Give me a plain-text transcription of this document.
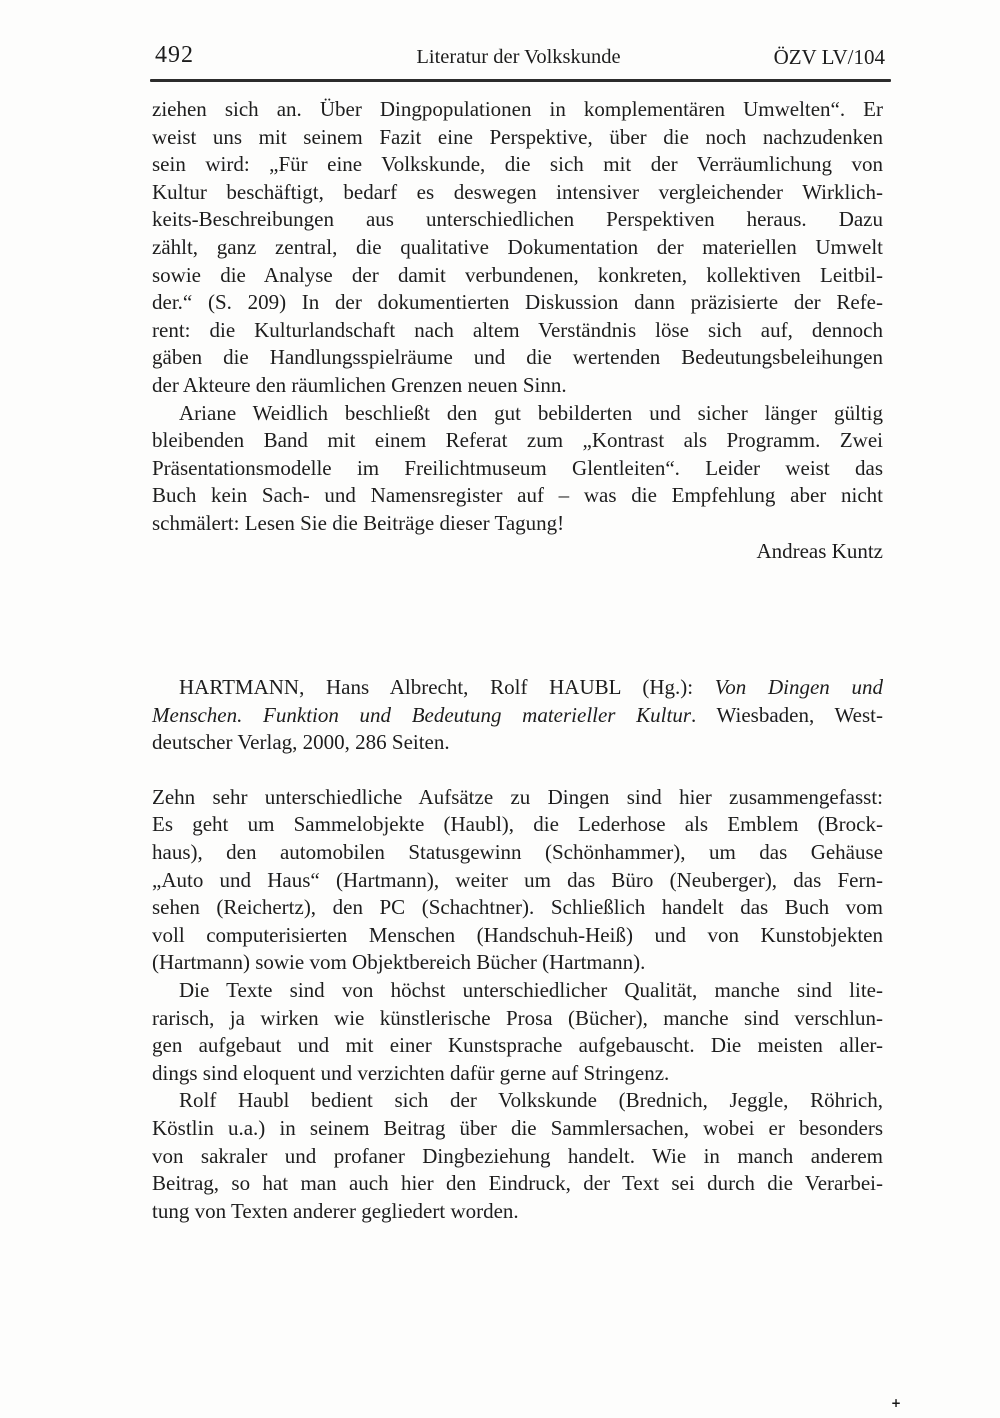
492	Literatur der Volkskunde	ÖZV LV/104
ziehen sich an. Über Dingpopulationen in komplementären Umwelten“. Er
weist uns mit seinem Fazit eine Perspektive, über die noch nachzudenken
sein wird: „Für eine Volkskunde, die sich mit der Verräumlichung von
Kultur beschäftigt, bedarf es deswegen intensiver vergleichender Wirklich-
keits-Beschreibungen aus unterschiedlichen Perspektiven heraus. Dazu
zählt, ganz zentral, die qualitative Dokumentation der materiellen Umwelt
sowie die Analyse der damit verbundenen, konkreten, kollektiven Leitbil-
der.“ (S. 209) In der dokumentierten Diskussion dann präzisierte der Refe-
rent: die Kulturlandschaft nach altem Verständnis löse sich auf, dennoch
gäben die Handlungsspielräume und die wertenden Bedeutungsbeleihungen
der Akteure den räumlichen Grenzen neuen Sinn.
Ariane Weidlich beschließt den gut bebilderten und sicher länger gültig
bleibenden Band mit einem Referat zum „Kontrast als Programm. Zwei
Präsentationsmodelle im Freilichtmuseum Glentleiten“. Leider weist das
Buch kein Sach- und Namensregister auf – was die Empfehlung aber nicht
schmälert: Lesen Sie die Beiträge dieser Tagung!
Andreas Kuntz
HARTMANN, Hans Albrecht, Rolf HAUBL (Hg.): Von Dingen und
Menschen. Funktion und Bedeutung materieller Kultur. Wiesbaden, West-
deutscher Verlag, 2000, 286 Seiten.
Zehn sehr unterschiedliche Aufsätze zu Dingen sind hier zusammengefasst:
Es geht um Sammelobjekte (Haubl), die Lederhose als Emblem (Brock-
haus), den automobilen Statusgewinn (Schönhammer), um das Gehäuse
„Auto und Haus“ (Hartmann), weiter um das Büro (Neuberger), das Fern-
sehen (Reichertz), den PC (Schachtner). Schließlich handelt das Buch vom
voll computerisierten Menschen (Handschuh-Heiß) und von Kunstobjekten
(Hartmann) sowie vom Objektbereich Bücher (Hartmann).
Die Texte sind von höchst unterschiedlicher Qualität, manche sind lite-
rarisch, ja wirken wie künstlerische Prosa (Bücher), manche sind verschlun-
gen aufgebaut und mit einer Kunstsprache aufgebauscht. Die meisten aller-
dings sind eloquent und verzichten dafür gerne auf Stringenz.
Rolf Haubl bedient sich der Volkskunde (Brednich, Jeggle, Röhrich,
Köstlin u.a.) in seinem Beitrag über die Sammlersachen, wobei er besonders
von sakraler und profaner Dingbeziehung handelt. Wie in manch anderem
Beitrag, so hat man auch hier den Eindruck, der Text sei durch die Verarbei-
tung von Texten anderer gegliedert worden.
+
